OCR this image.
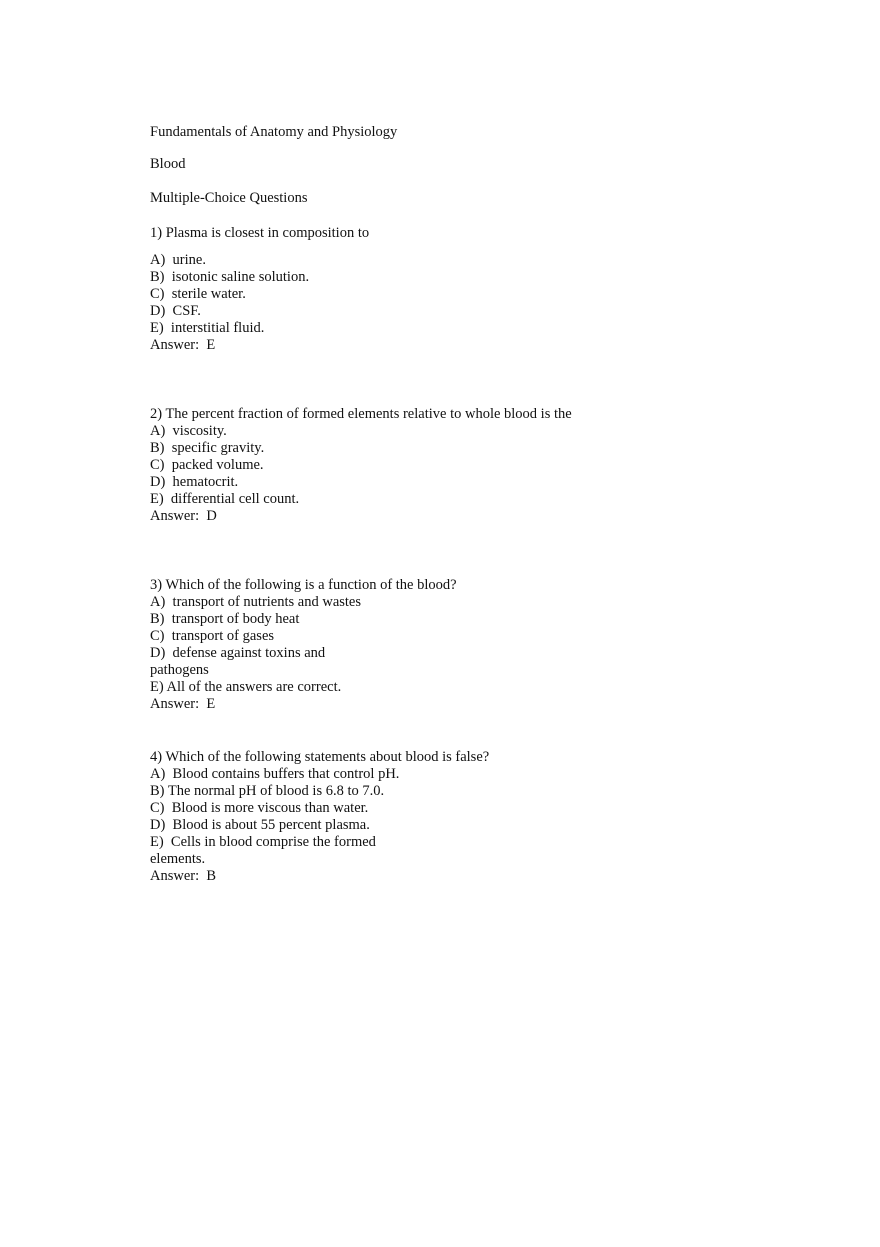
Fundamentals of Anatomy and Physiology
Blood
Multiple-Choice Questions
1) Plasma is closest in composition to
A)  urine.
B)  isotonic saline solution.
C)  sterile water.
D)  CSF.
E)  interstitial fluid.
Answer:  E
2) The percent fraction of formed elements relative to whole blood is the
A)  viscosity.
B)  specific gravity.
C)  packed volume.
D)  hematocrit.
E)  differential cell count.
Answer:  D
3) Which of the following is a function of the blood?
A)  transport of nutrients and wastes
B)  transport of body heat
C)  transport of gases
D)  defense against toxins and
pathogens
E) All of the answers are correct.
Answer:  E
4) Which of the following statements about blood is false?
A)  Blood contains buffers that control pH.
B) The normal pH of blood is 6.8 to 7.0.
C)  Blood is more viscous than water.
D)  Blood is about 55 percent plasma.
E)  Cells in blood comprise the formed
elements.
Answer:  B
